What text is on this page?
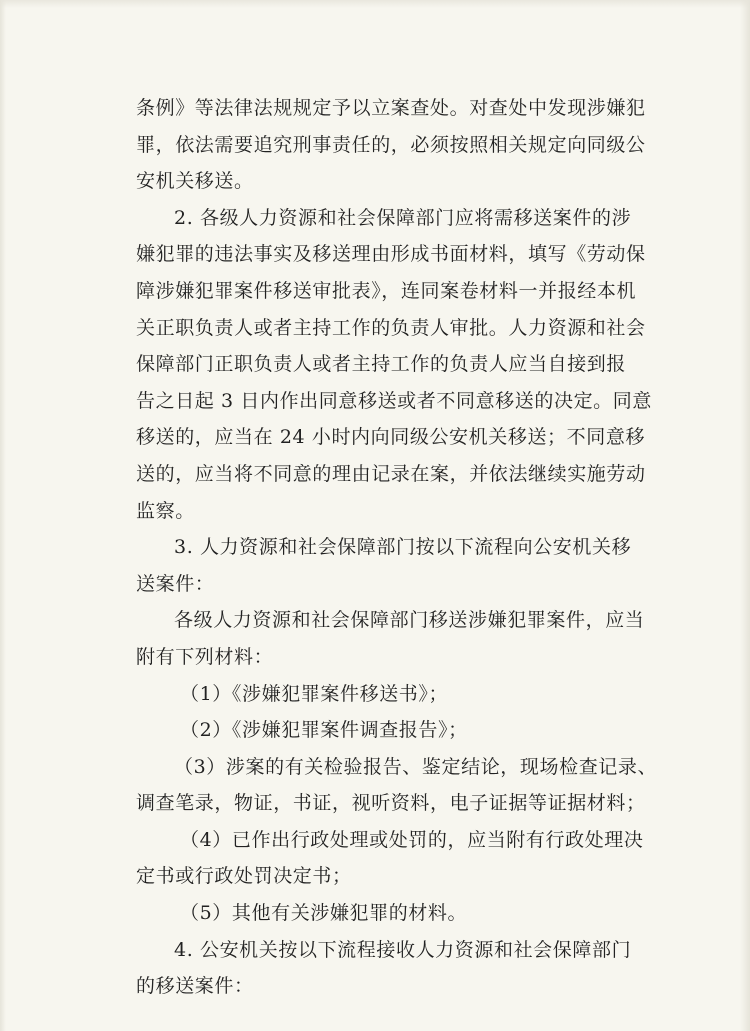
条例》等法律法规规定予以立案查处。对查处中发现涉嫌犯
罪，依法需要追究刑事责任的，必须按照相关规定向同级公
安机关移送。
2. 各级人力资源和社会保障部门应将需移送案件的涉
嫌犯罪的违法事实及移送理由形成书面材料，填写《劳动保
障涉嫌犯罪案件移送审批表》，连同案卷材料一并报经本机
关正职负责人或者主持工作的负责人审批。人力资源和社会
保障部门正职负责人或者主持工作的负责人应当自接到报
告之日起 3 日内作出同意移送或者不同意移送的决定。同意
移送的，应当在 24 小时内向同级公安机关移送；不同意移
送的，应当将不同意的理由记录在案，并依法继续实施劳动
监察。
3. 人力资源和社会保障部门按以下流程向公安机关移
送案件：
各级人力资源和社会保障部门移送涉嫌犯罪案件，应当
附有下列材料：
（1）《涉嫌犯罪案件移送书》；
（2）《涉嫌犯罪案件调查报告》；
（3）涉案的有关检验报告、鉴定结论，现场检查记录、
调查笔录，物证，书证，视听资料，电子证据等证据材料；
（4）已作出行政处理或处罚的，应当附有行政处理决
定书或行政处罚决定书；
（5）其他有关涉嫌犯罪的材料。
4. 公安机关按以下流程接收人力资源和社会保障部门
的移送案件：
